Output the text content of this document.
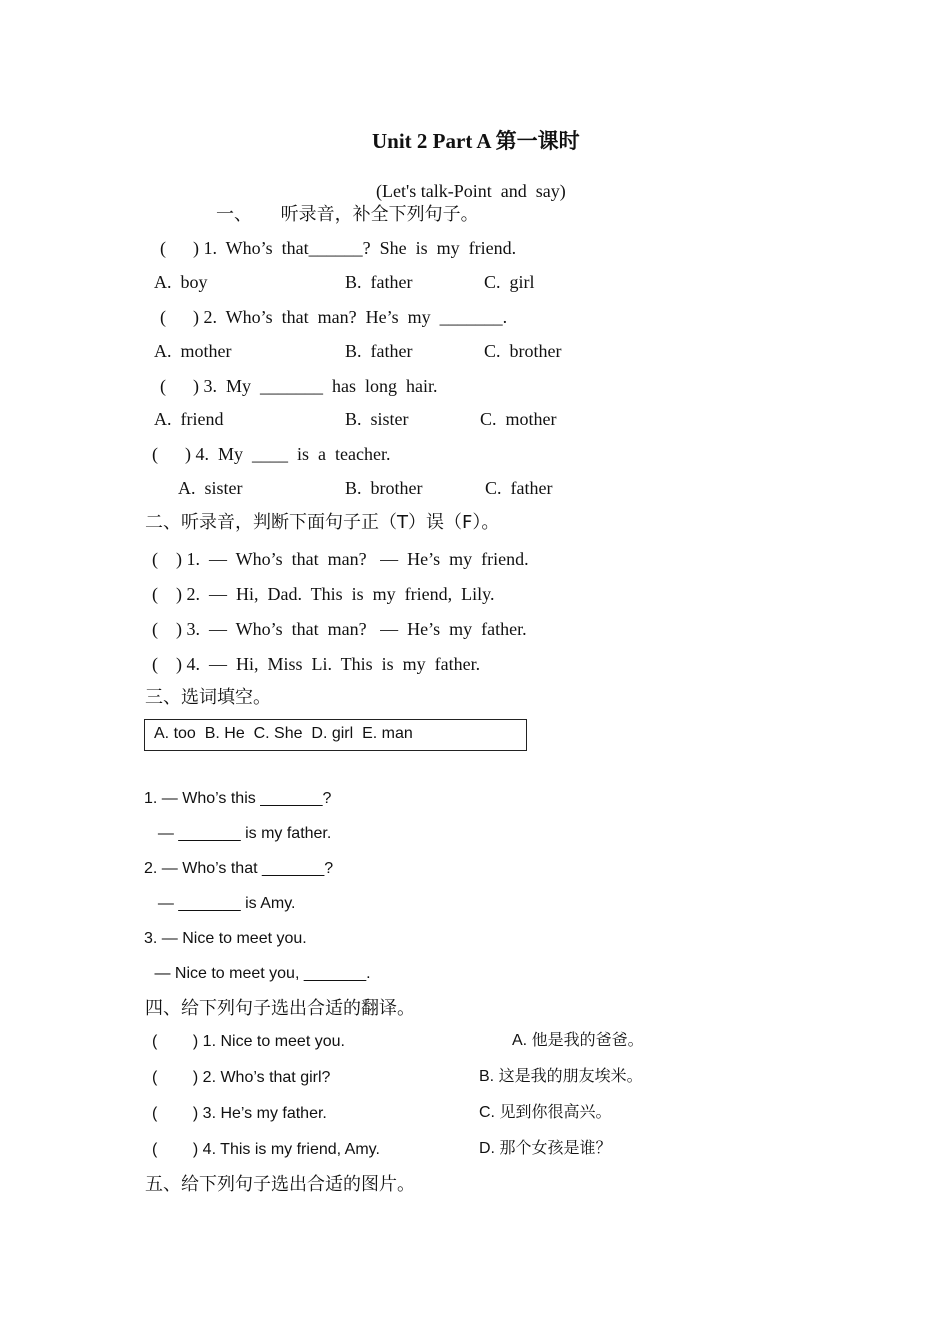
Unit 2 Part A 第一课时
(Let's talk-Point  and  say)
一、     听录音，补全下列句子。
(      ) 1.  Who’s  that______?  She  is  my  friend.
A.  boy	B.  father	C.  girl
(      ) 2.  Who’s  that  man?  He’s  my  _______.
A.  mother	B.  father	C.  brother
(      ) 3.  My  _______  has  long  hair.
A.  friend	B.  sister	C.  mother
(      ) 4.  My  ____  is  a  teacher.
A.  sister	B.  brother	C.  father
二、听录音，判断下面句子正（T）误（F）。
(    ) 1.  —  Who’s  that  man?   —  He’s  my  friend.
(    ) 2.  —  Hi,  Dad.  This  is  my  friend,  Lily.
(    ) 3.  —  Who’s  that  man?   —  He’s  my  father.
(    ) 4.  —  Hi,  Miss  Li.  This  is  my  father.
三、选词填空。
A. too  B. He  C. She  D. girl  E. man
1. — Who’s this _______?
— _______ is my father.
2. — Who’s that _______?
— _______ is Amy.
3. — Nice to meet you.
— Nice to meet you, _______.
四、给下列句子选出合适的翻译。
(        ) 1. Nice to meet you.	A. 他是我的爸爸。
(        ) 2. Who’s that girl?	B. 这是我的朋友埃米。
(        ) 3. He’s my father.	C. 见到你很高兴。
(        ) 4. This is my friend, Amy.	D. 那个女孩是谁？
五、给下列句子选出合适的图片。
